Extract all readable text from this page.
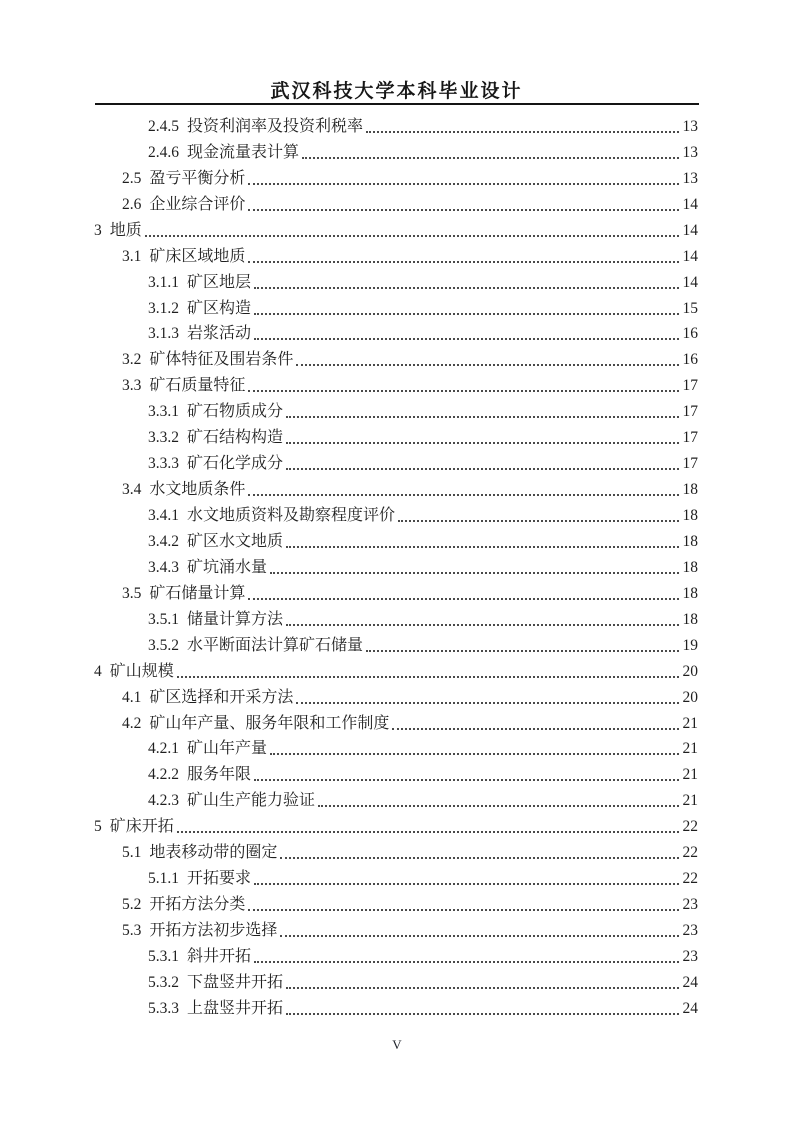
武汉科技大学本科毕业设计
2.4.5 投资利润率及投资利税率	13
2.4.6 现金流量表计算	13
2.5 盈亏平衡分析	13
2.6 企业综合评价	14
3 地质	14
3.1 矿床区域地质	14
3.1.1 矿区地层	14
3.1.2 矿区构造	15
3.1.3 岩浆活动	16
3.2 矿体特征及围岩条件	16
3.3 矿石质量特征	17
3.3.1 矿石物质成分	17
3.3.2 矿石结构构造	17
3.3.3 矿石化学成分	17
3.4 水文地质条件	18
3.4.1 水文地质资料及勘察程度评价	18
3.4.2 矿区水文地质	18
3.4.3 矿坑涌水量	18
3.5 矿石储量计算	18
3.5.1 储量计算方法	18
3.5.2 水平断面法计算矿石储量	19
4 矿山规模	20
4.1 矿区选择和开采方法	20
4.2 矿山年产量、服务年限和工作制度	21
4.2.1 矿山年产量	21
4.2.2 服务年限	21
4.2.3 矿山生产能力验证	21
5 矿床开拓	22
5.1 地表移动带的圈定	22
5.1.1 开拓要求	22
5.2 开拓方法分类	23
5.3 开拓方法初步选择	23
5.3.1 斜井开拓	23
5.3.2 下盘竖井开拓	24
5.3.3 上盘竖井开拓	24
V
